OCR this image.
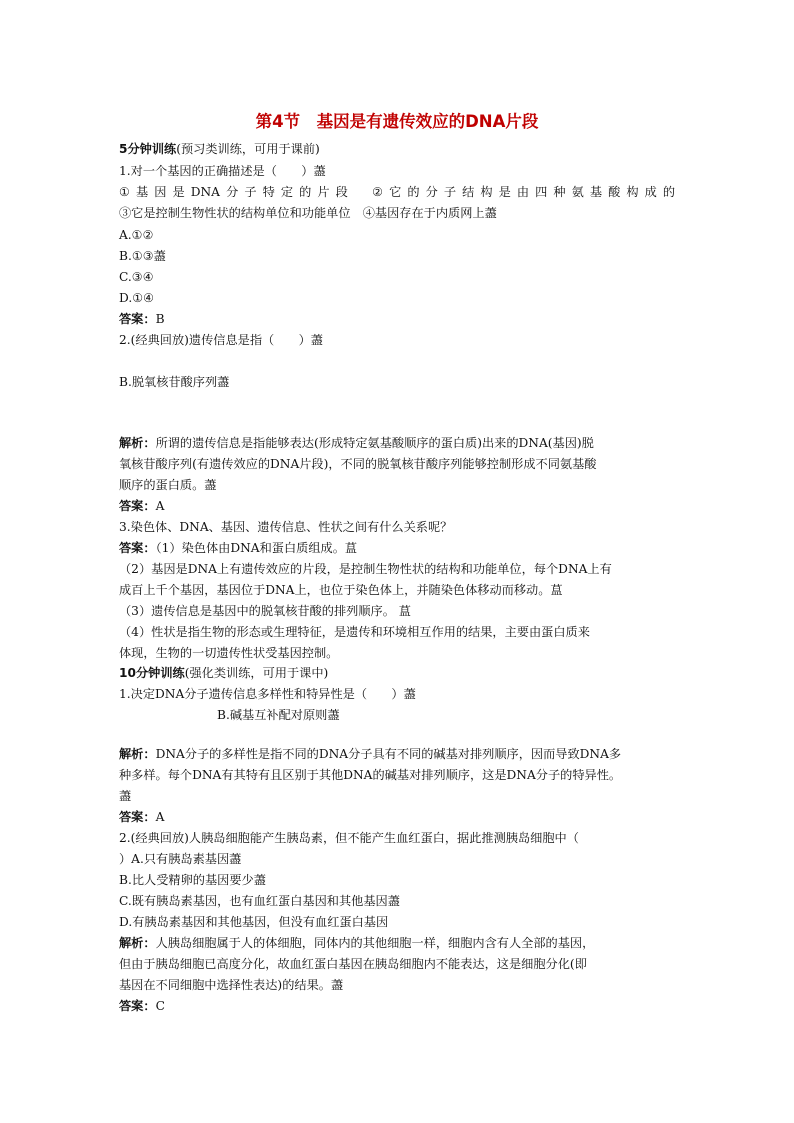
第4节　基因是有遗传效应的DNA片段
5分钟训练(预习类训练，可用于课前)
1.对一个基因的正确描述是（　　）藎
① 基 因 是 DNA 分 子 特 定 的 片 段
　 ② 它 的 分 子 结 构 是 由 四 种 氨 基 酸 构 成 的
③它是控制生物性状的结构单位和功能单位　④基因存在于内质网上藎
A.①②
B.①③藎
C.③④
D.①④
答案：B
2.(经典回放)遗传信息是指（　　）藎
B.脱氧核苷酸序列藎
解析：所谓的遗传信息是指能够表达(形成特定氨基酸顺序的蛋白质)出来的DNA(基因)脱
氧核苷酸序列(有遗传效应的DNA片段)，不同的脱氧核苷酸序列能够控制形成不同氨基酸
顺序的蛋白质。藎
答案：A
3.染色体、DNA、基因、遗传信息、性状之间有什么关系呢？
答案：（1）染色体由DNA和蛋白质组成。蒀
（2）基因是DNA上有遗传效应的片段，是控制生物性状的结构和功能单位，每个DNA上有
成百上千个基因，基因位于DNA上，也位于染色体上，并随染色体移动而移动。蒀
（3）遗传信息是基因中的脱氧核苷酸的排列顺序。 蒀
（4）性状是指生物的形态或生理特征，是遗传和环境相互作用的结果，主要由蛋白质来
体现，生物的一切遗传性状受基因控制。
10分钟训练(强化类训练，可用于课中)
1.决定DNA分子遗传信息多样性和特异性是（　　）藎
B.碱基互补配对原则藎
解析：DNA分子的多样性是指不同的DNA分子具有不同的碱基对排列顺序，因而导致DNA多
种多样。每个DNA有其特有且区别于其他DNA的碱基对排列顺序，这是DNA分子的特异性。
藎
答案：A
2.(经典回放)人胰岛细胞能产生胰岛素，但不能产生血红蛋白，据此推测胰岛细胞中（
）A.只有胰岛素基因藎
B.比人受精卵的基因要少藎
C.既有胰岛素基因，也有血红蛋白基因和其他基因藎
D.有胰岛素基因和其他基因，但没有血红蛋白基因
解析：人胰岛细胞属于人的体细胞，同体内的其他细胞一样，细胞内含有人全部的基因，
但由于胰岛细胞已高度分化，故血红蛋白基因在胰岛细胞内不能表达，这是细胞分化(即
基因在不同细胞中选择性表达)的结果。藎
答案：C
